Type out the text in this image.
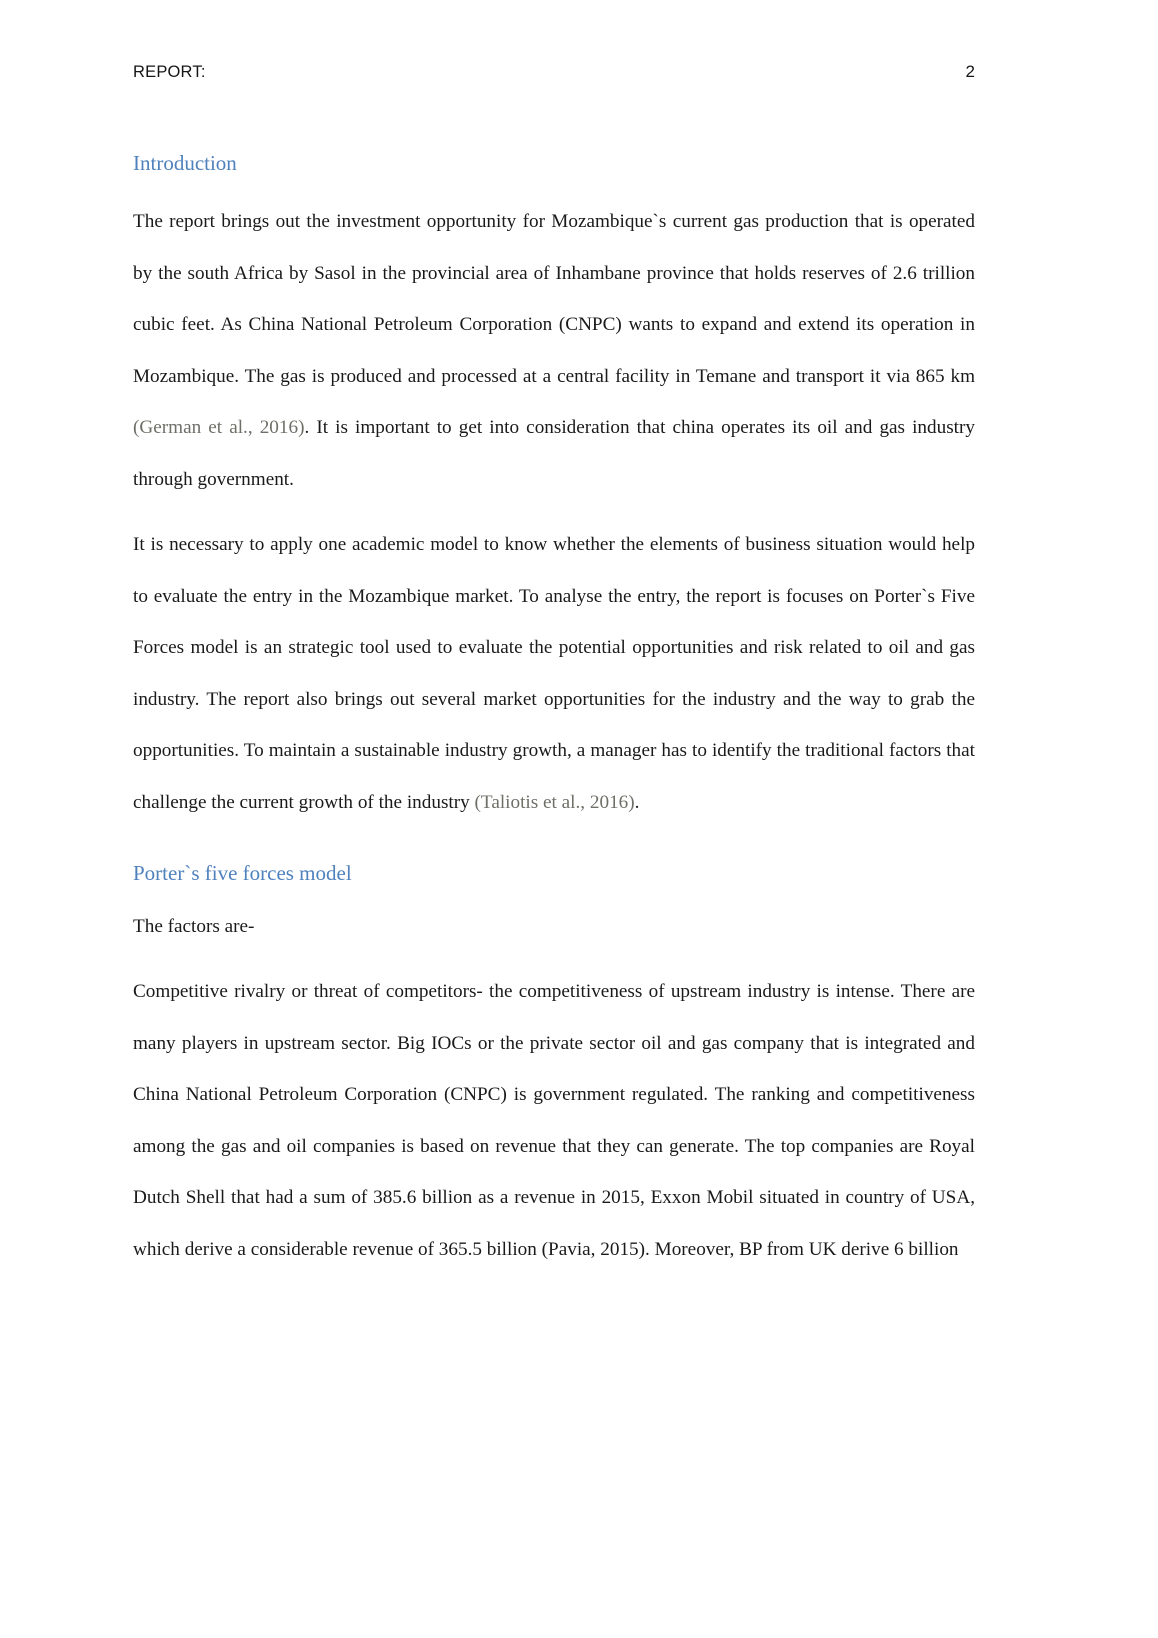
REPORT:	2
Introduction

The report brings out the investment opportunity for Mozambique`s current gas production that is operated by the south Africa by Sasol in the provincial area of Inhambane province that holds reserves of 2.6 trillion cubic feet. As China National Petroleum Corporation (CNPC) wants to expand and extend its operation in Mozambique. The gas is produced and processed at a central facility in Temane and transport it via 865 km (German et al., 2016). It is important to get into consideration that china operates its oil and gas industry through government.

It is necessary to apply one academic model to know whether the elements of business situation would help to evaluate the entry in the Mozambique market. To analyse the entry, the report is focuses on Porter`s Five Forces model is an strategic tool used to evaluate the potential opportunities and risk related to oil and gas industry. The report also brings out several market opportunities for the industry and the way to grab the opportunities. To maintain a sustainable industry growth, a manager has to identify the traditional factors that challenge the current growth of the industry (Taliotis et al., 2016).

Porter`s five forces model

The factors are-

Competitive rivalry or threat of competitors- the competitiveness of upstream industry is intense. There are many players in upstream sector. Big IOCs or the private sector oil and gas company that is integrated and China National Petroleum Corporation (CNPC) is government regulated. The ranking and competitiveness among the gas and oil companies is based on revenue that they can generate. The top companies are Royal Dutch Shell that had a sum of 385.6 billion as a revenue in 2015, Exxon Mobil situated in country of USA, which derive a considerable revenue of 365.5 billion (Pavia, 2015). Moreover, BP from UK derive 6 billion
